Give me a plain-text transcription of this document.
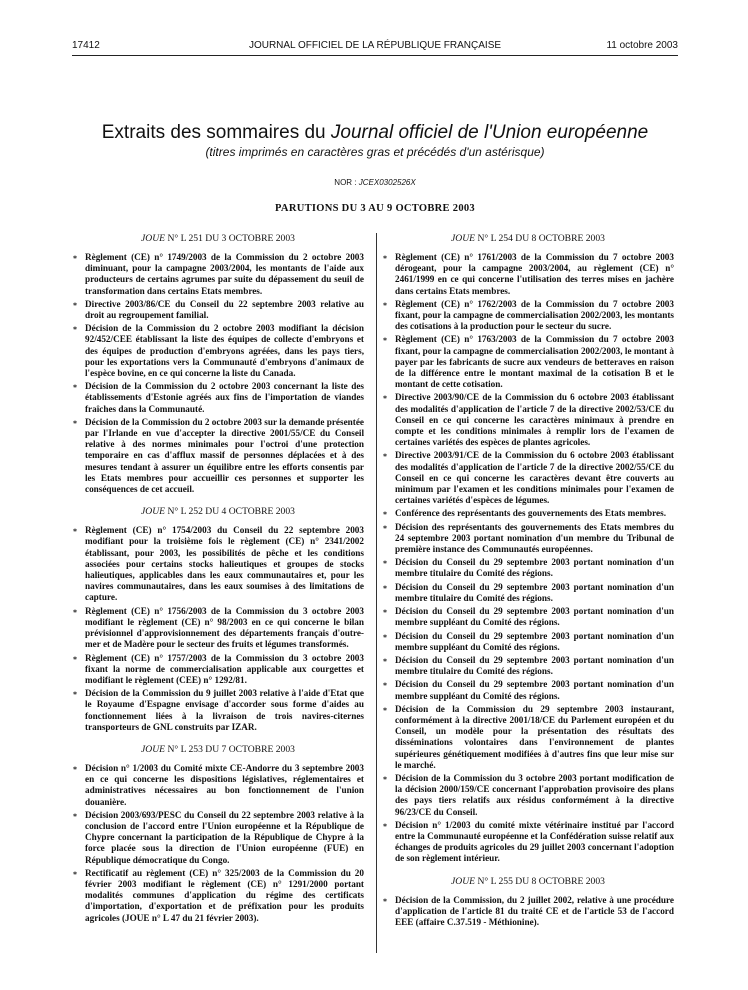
17412	JOURNAL OFFICIEL DE LA RÉPUBLIQUE FRANÇAISE	11 octobre 2003
Extraits des sommaires du Journal officiel de l'Union européenne
(titres imprimés en caractères gras et précédés d'un astérisque)
NOR : JCEX0302526X
PARUTIONS DU 3 AU 9 OCTOBRE 2003
JOUE N° L 251 DU 3 OCTOBRE 2003
* Règlement (CE) n° 1749/2003 de la Commission du 2 octobre 2003 diminuant, pour la campagne 2003/2004, les montants de l'aide aux producteurs de certains agrumes par suite du dépassement du seuil de transformation dans certains Etats membres.
* Directive 2003/86/CE du Conseil du 22 septembre 2003 relative au droit au regroupement familial.
* Décision de la Commission du 2 octobre 2003 modifiant la décision 92/452/CEE établissant la liste des équipes de collecte d'embryons et des équipes de production d'embryons agréées, dans les pays tiers, pour les exportations vers la Communauté d'embryons d'animaux de l'espèce bovine, en ce qui concerne la liste du Canada.
* Décision de la Commission du 2 octobre 2003 concernant la liste des établissements d'Estonie agréés aux fins de l'importation de viandes fraîches dans la Communauté.
* Décision de la Commission du 2 octobre 2003 sur la demande présentée par l'Irlande en vue d'accepter la directive 2001/55/CE du Conseil relative à des normes minimales pour l'octroi d'une protection temporaire en cas d'afflux massif de personnes déplacées et à des mesures tendant à assurer un équilibre entre les efforts consentis par les Etats membres pour accueillir ces personnes et supporter les conséquences de cet accueil.
JOUE N° L 252 DU 4 OCTOBRE 2003
* Règlement (CE) n° 1754/2003 du Conseil du 22 septembre 2003 modifiant pour la troisième fois le règlement (CE) n° 2341/2002 établissant, pour 2003, les possibilités de pêche et les conditions associées pour certains stocks halieutiques et groupes de stocks halieutiques, applicables dans les eaux communautaires et, pour les navires communautaires, dans les eaux soumises à des limitations de capture.
* Règlement (CE) n° 1756/2003 de la Commission du 3 octobre 2003 modifiant le règlement (CE) n° 98/2003 en ce qui concerne le bilan prévisionnel d'approvisionnement des départements français d'outre-mer et de Madère pour le secteur des fruits et légumes transformés.
* Règlement (CE) n° 1757/2003 de la Commission du 3 octobre 2003 fixant la norme de commercialisation applicable aux courgettes et modifiant le règlement (CEE) n° 1292/81.
* Décision de la Commission du 9 juillet 2003 relative à l'aide d'Etat que le Royaume d'Espagne envisage d'accorder sous forme d'aides au fonctionnement liées à la livraison de trois navires-citernes transporteurs de GNL construits par IZAR.
JOUE N° L 253 DU 7 OCTOBRE 2003
* Décision n° 1/2003 du Comité mixte CE-Andorre du 3 septembre 2003 en ce qui concerne les dispositions législatives, réglementaires et administratives nécessaires au bon fonctionnement de l'union douanière.
* Décision 2003/693/PESC du Conseil du 22 septembre 2003 relative à la conclusion de l'accord entre l'Union européenne et la République de Chypre concernant la participation de la République de Chypre à la force placée sous la direction de l'Union européenne (FUE) en République démocratique du Congo.
* Rectificatif au règlement (CE) n° 325/2003 de la Commission du 20 février 2003 modifiant le règlement (CE) n° 1291/2000 portant modalités communes d'application du régime des certificats d'importation, d'exportation et de préfixation pour les produits agricoles (JOUE n° L 47 du 21 février 2003).
JOUE N° L 254 DU 8 OCTOBRE 2003
* Règlement (CE) n° 1761/2003 de la Commission du 7 octobre 2003 dérogeant, pour la campagne 2003/2004, au règlement (CE) n° 2461/1999 en ce qui concerne l'utilisation des terres mises en jachère dans certains Etats membres.
* Règlement (CE) n° 1762/2003 de la Commission du 7 octobre 2003 fixant, pour la campagne de commercialisation 2002/2003, les montants des cotisations à la production pour le secteur du sucre.
* Règlement (CE) n° 1763/2003 de la Commission du 7 octobre 2003 fixant, pour la campagne de commercialisation 2002/2003, le montant à payer par les fabricants de sucre aux vendeurs de betteraves en raison de la différence entre le montant maximal de la cotisation B et le montant de cette cotisation.
* Directive 2003/90/CE de la Commission du 6 octobre 2003 établissant des modalités d'application de l'article 7 de la directive 2002/53/CE du Conseil en ce qui concerne les caractères minimaux à prendre en compte et les conditions minimales à remplir lors de l'examen de certaines variétés des espèces de plantes agricoles.
* Directive 2003/91/CE de la Commission du 6 octobre 2003 établissant des modalités d'application de l'article 7 de la directive 2002/55/CE du Conseil en ce qui concerne les caractères devant être couverts au minimum par l'examen et les conditions minimales pour l'examen de certaines variétés d'espèces de légumes.
* Conférence des représentants des gouvernements des Etats membres.
* Décision des représentants des gouvernements des Etats membres du 24 septembre 2003 portant nomination d'un membre du Tribunal de première instance des Communautés européennes.
* Décision du Conseil du 29 septembre 2003 portant nomination d'un membre titulaire du Comité des régions.
* Décision du Conseil du 29 septembre 2003 portant nomination d'un membre titulaire du Comité des régions.
* Décision du Conseil du 29 septembre 2003 portant nomination d'un membre suppléant du Comité des régions.
* Décision du Conseil du 29 septembre 2003 portant nomination d'un membre suppléant du Comité des régions.
* Décision du Conseil du 29 septembre 2003 portant nomination d'un membre titulaire du Comité des régions.
* Décision du Conseil du 29 septembre 2003 portant nomination d'un membre suppléant du Comité des régions.
* Décision de la Commission du 29 septembre 2003 instaurant, conformément à la directive 2001/18/CE du Parlement européen et du Conseil, un modèle pour la présentation des résultats des disséminations volontaires dans l'environnement de plantes supérieures génétiquement modifiées à d'autres fins que leur mise sur le marché.
* Décision de la Commission du 3 octobre 2003 portant modification de la décision 2000/159/CE concernant l'approbation provisoire des plans des pays tiers relatifs aux résidus conformément à la directive 96/23/CE du Conseil.
* Décision n° 1/2003 du comité mixte vétérinaire institué par l'accord entre la Communauté européenne et la Confédération suisse relatif aux échanges de produits agricoles du 29 juillet 2003 concernant l'adoption de son règlement intérieur.
JOUE N° L 255 DU 8 OCTOBRE 2003
* Décision de la Commission, du 2 juillet 2002, relative à une procédure d'application de l'article 81 du traité CE et de l'article 53 de l'accord EEE (affaire C.37.519 - Méthionine).
